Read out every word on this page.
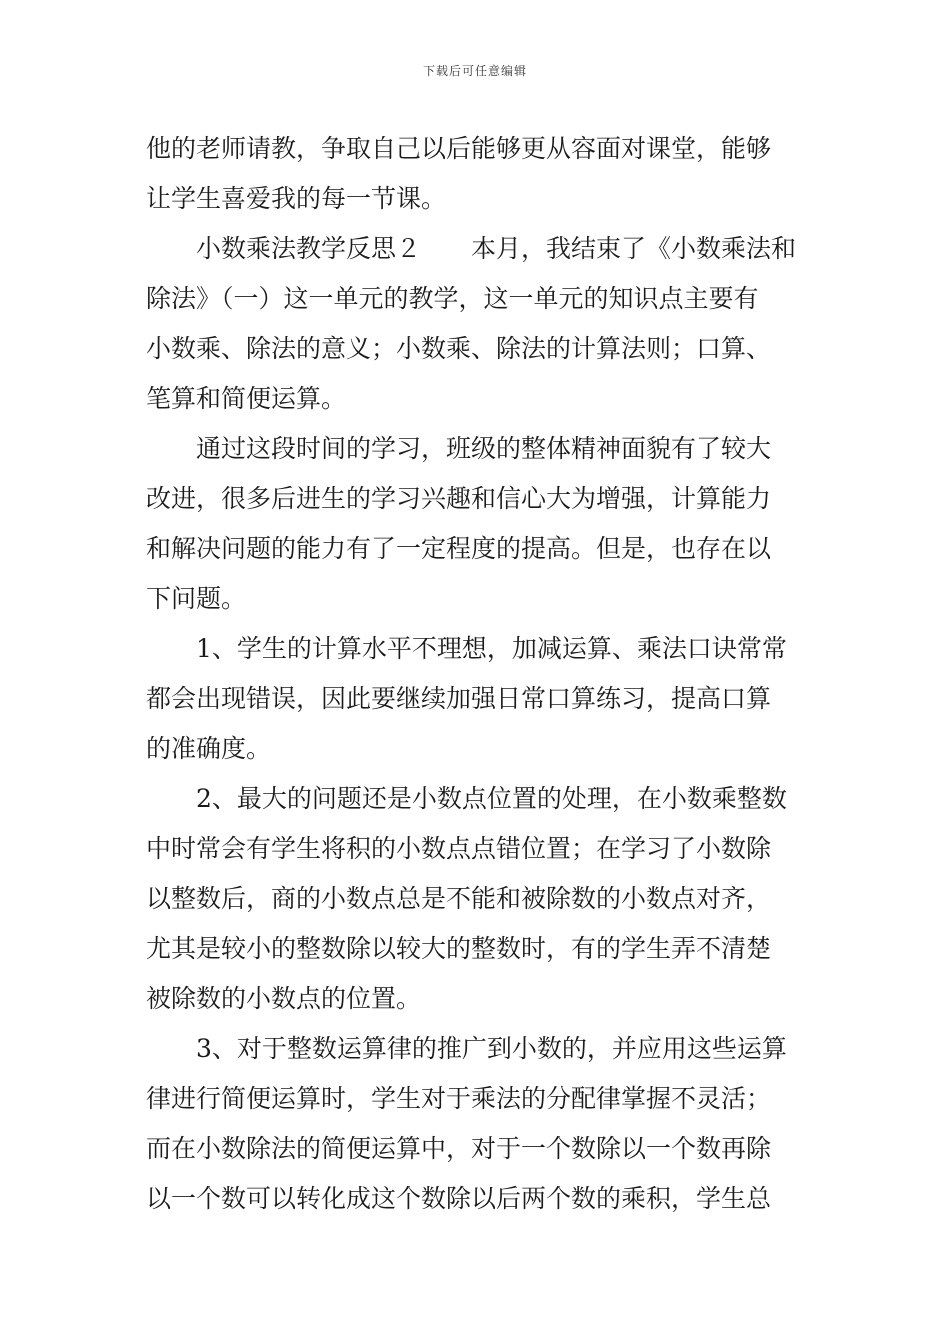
下载后可任意编辑
他的老师请教，争取自己以后能够更从容面对课堂，能够
让学生喜爱我的每一节课。
小数乘法教学反思２　　本月，我结束了《小数乘法和
除法》（一）这一单元的教学，这一单元的知识点主要有
小数乘、除法的意义；小数乘、除法的计算法则；口算、
笔算和简便运算。
通过这段时间的学习，班级的整体精神面貌有了较大
改进，很多后进生的学习兴趣和信心大为增强，计算能力
和解决问题的能力有了一定程度的提高。但是，也存在以
下问题。
1、学生的计算水平不理想，加减运算、乘法口诀常常
都会出现错误，因此要继续加强日常口算练习，提高口算
的准确度。
2、最大的问题还是小数点位置的处理，在小数乘整数
中时常会有学生将积的小数点点错位置；在学习了小数除
以整数后，商的小数点总是不能和被除数的小数点对齐，
尤其是较小的整数除以较大的整数时，有的学生弄不清楚
被除数的小数点的位置。
3、对于整数运算律的推广到小数的，并应用这些运算
律进行简便运算时，学生对于乘法的分配律掌握不灵活；
而在小数除法的简便运算中，对于一个数除以一个数再除
以一个数可以转化成这个数除以后两个数的乘积，学生总
